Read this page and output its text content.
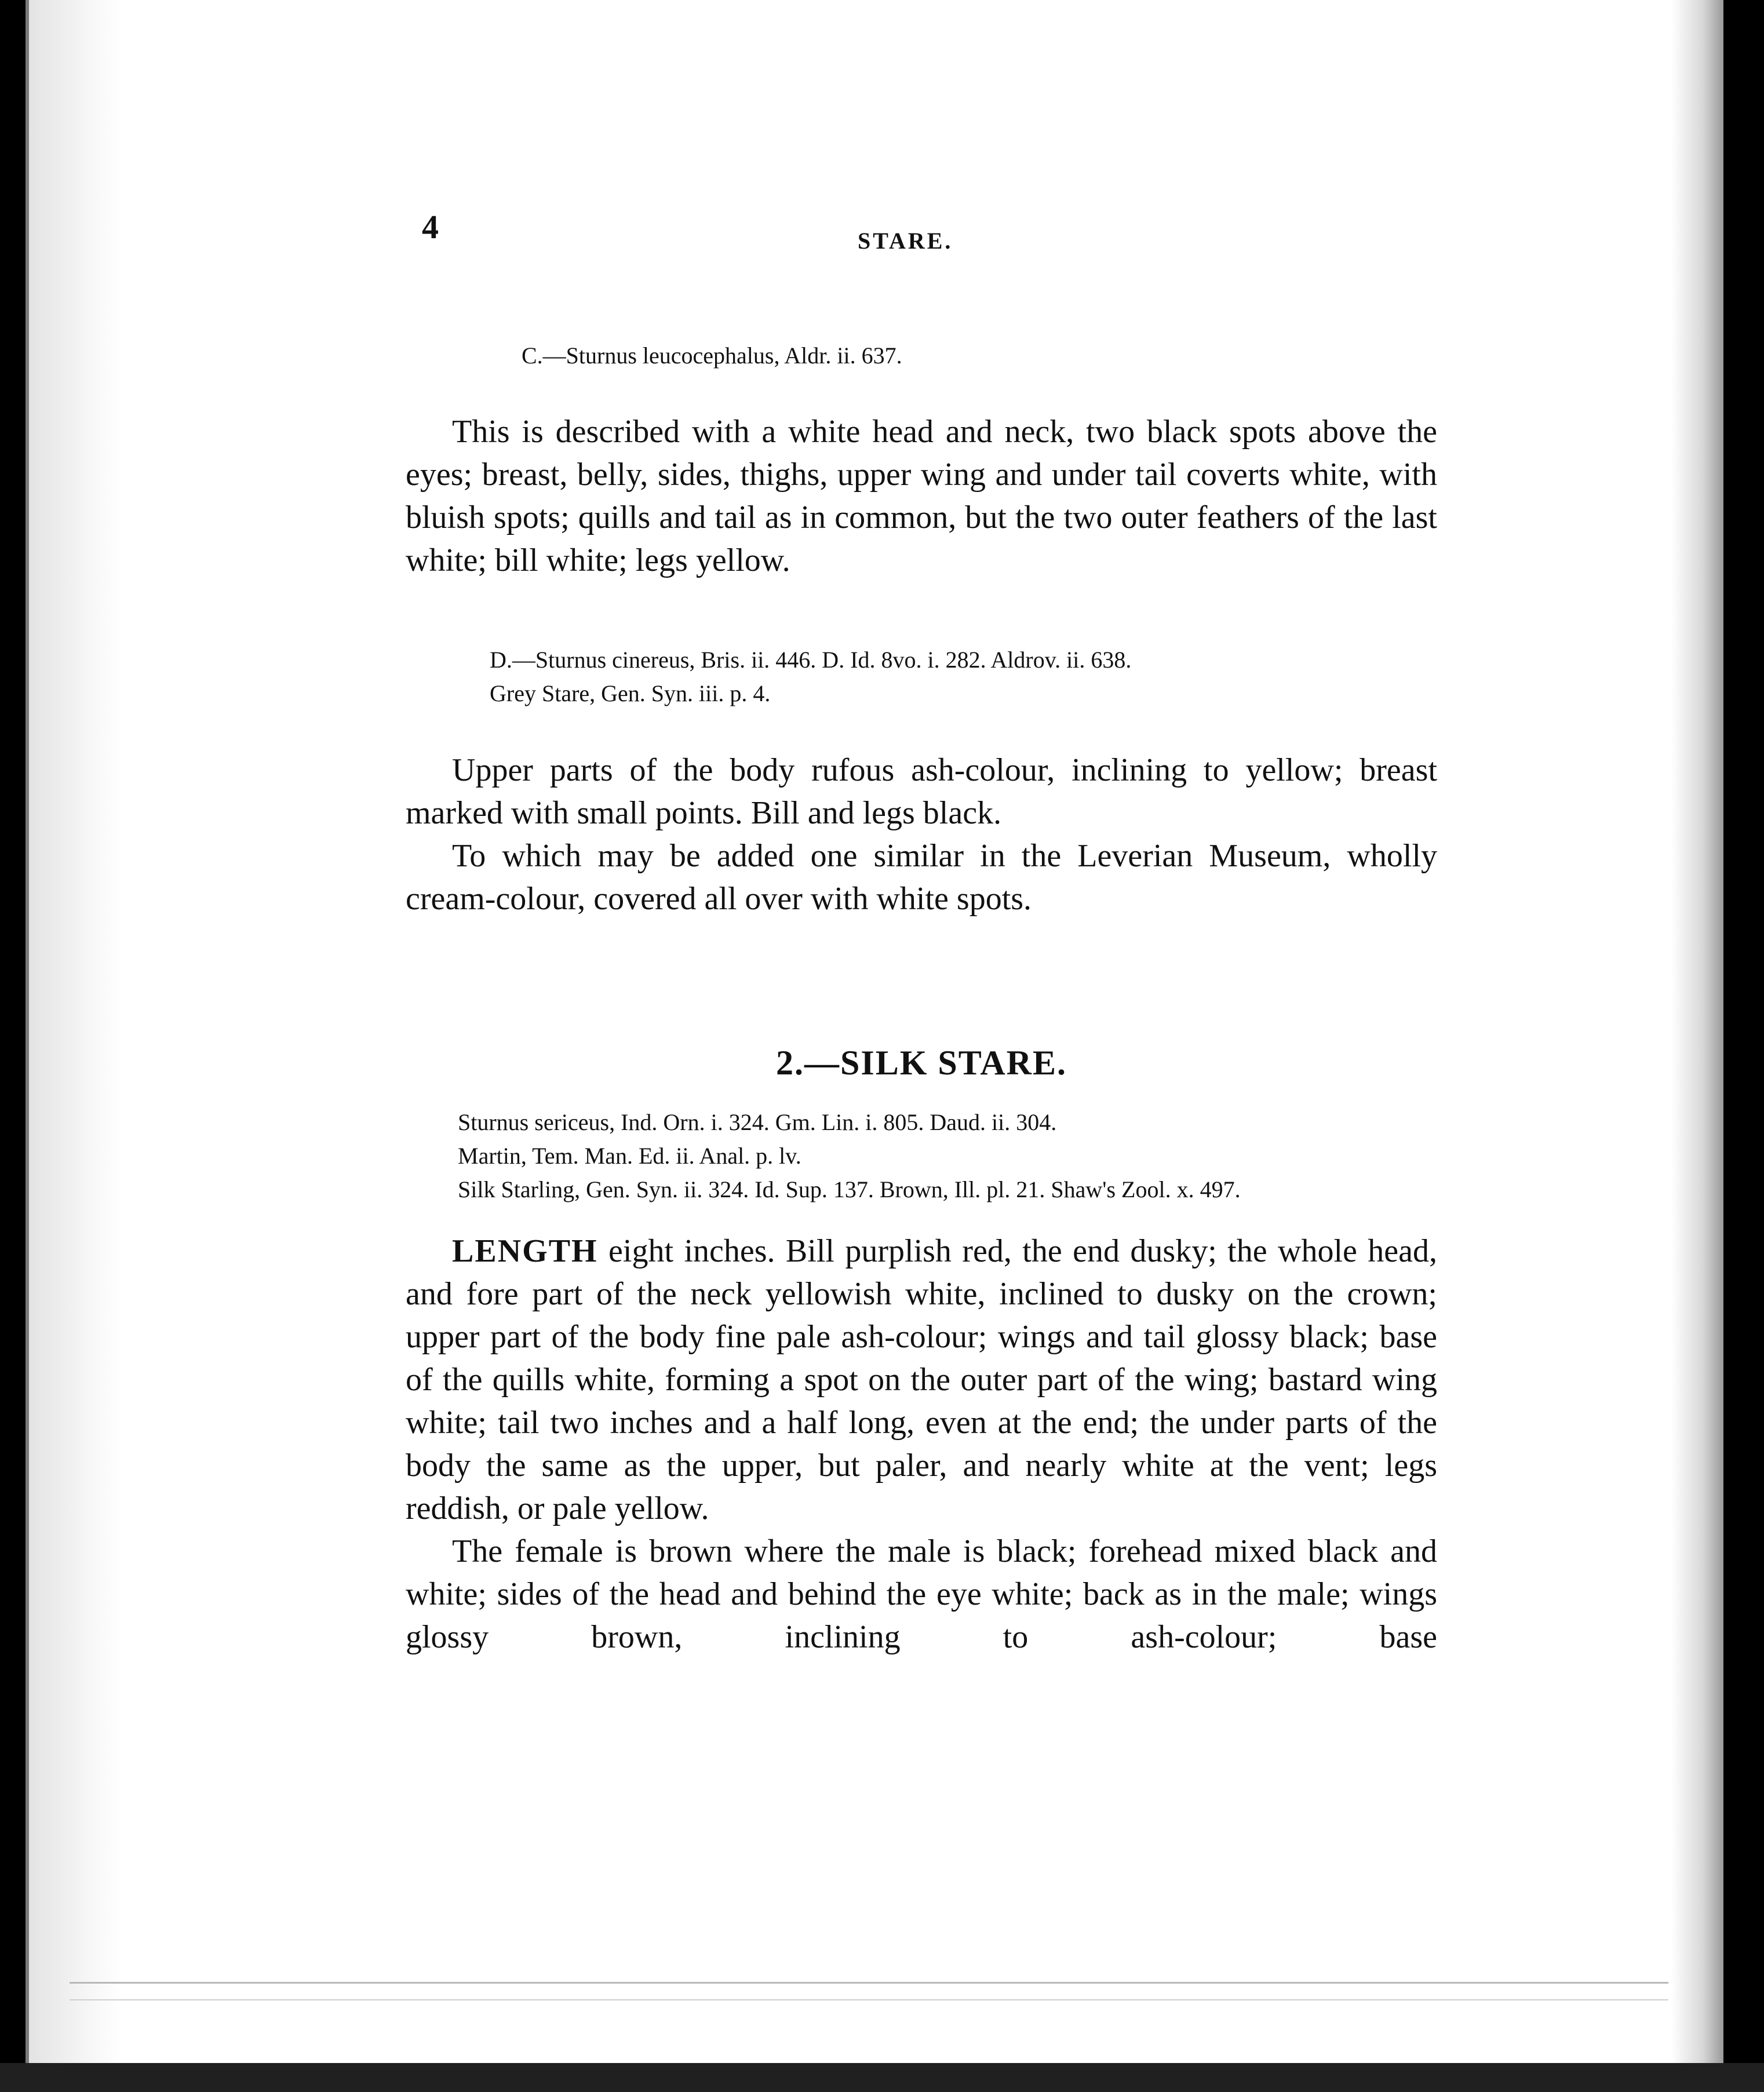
4	STARE.
C.—Sturnus leucocephalus, Aldr. ii. 637.
This is described with a white head and neck, two black spots above the eyes; breast, belly, sides, thighs, upper wing and under tail coverts white, with bluish spots; quills and tail as in common, but the two outer feathers of the last white; bill white; legs yellow.
D.—Sturnus cinereus, Bris. ii. 446. D. Id. 8vo. i. 282. Aldrov. ii. 638.
Grey Stare, Gen. Syn. iii. p. 4.
Upper parts of the body rufous ash-colour, inclining to yellow; breast marked with small points. Bill and legs black.
To which may be added one similar in the Leverian Museum, wholly cream-colour, covered all over with white spots.
2.—SILK STARE.
Sturnus sericeus, Ind. Orn. i. 324. Gm. Lin. i. 805. Daud. ii. 304.
Martin, Tem. Man. Ed. ii. Anal. p. lv.
Silk Starling, Gen. Syn. ii. 324. Id. Sup. 137. Brown, Ill. pl. 21. Shaw's Zool. x. 497.
LENGTH eight inches. Bill purplish red, the end dusky; the whole head, and fore part of the neck yellowish white, inclined to dusky on the crown; upper part of the body fine pale ash-colour; wings and tail glossy black; base of the quills white, forming a spot on the outer part of the wing; bastard wing white; tail two inches and a half long, even at the end; the under parts of the body the same as the upper, but paler, and nearly white at the vent; legs reddish, or pale yellow.
The female is brown where the male is black; forehead mixed black and white; sides of the head and behind the eye white; back as in the male; wings glossy brown, inclining to ash-colour; base
